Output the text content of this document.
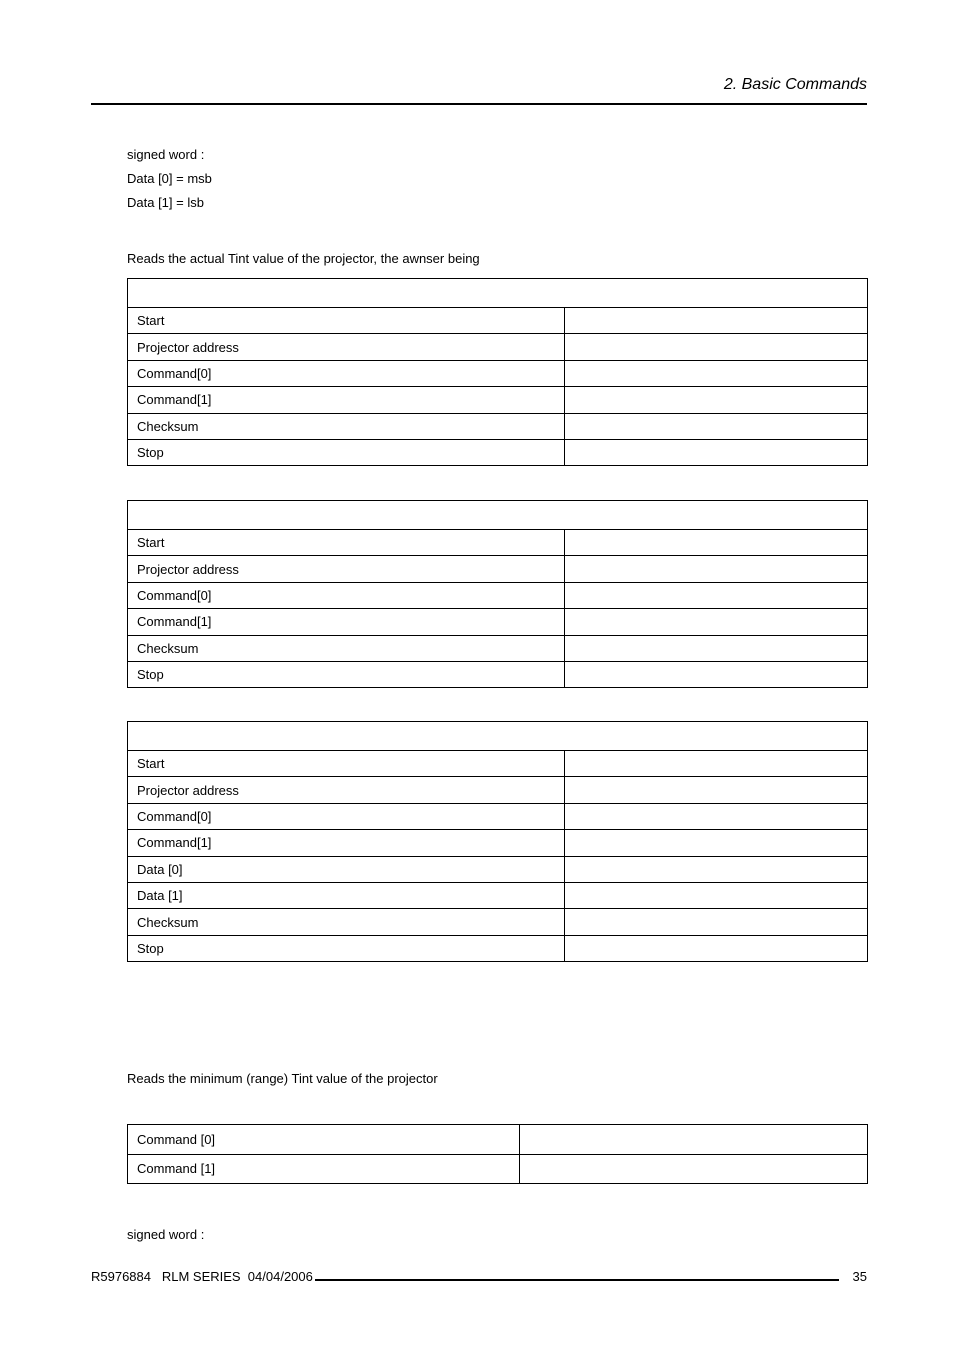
2. Basic Commands
signed word :
Data [0] = msb
Data [1] = lsb
Reads the actual Tint value of the projector, the awnser being

Start	
Projector address	
Command[0]	
Command[1]	
Checksum	
Stop	

Start	
Projector address	
Command[0]	
Command[1]	
Checksum	
Stop	

Start	
Projector address	
Command[0]	
Command[1]	
Data [0]	
Data [1]	
Checksum	
Stop	
Reads the minimum (range) Tint value of the projector
Command [0]	
Command [1]	
signed word :
R5976884   RLM SERIES  04/04/2006	35
